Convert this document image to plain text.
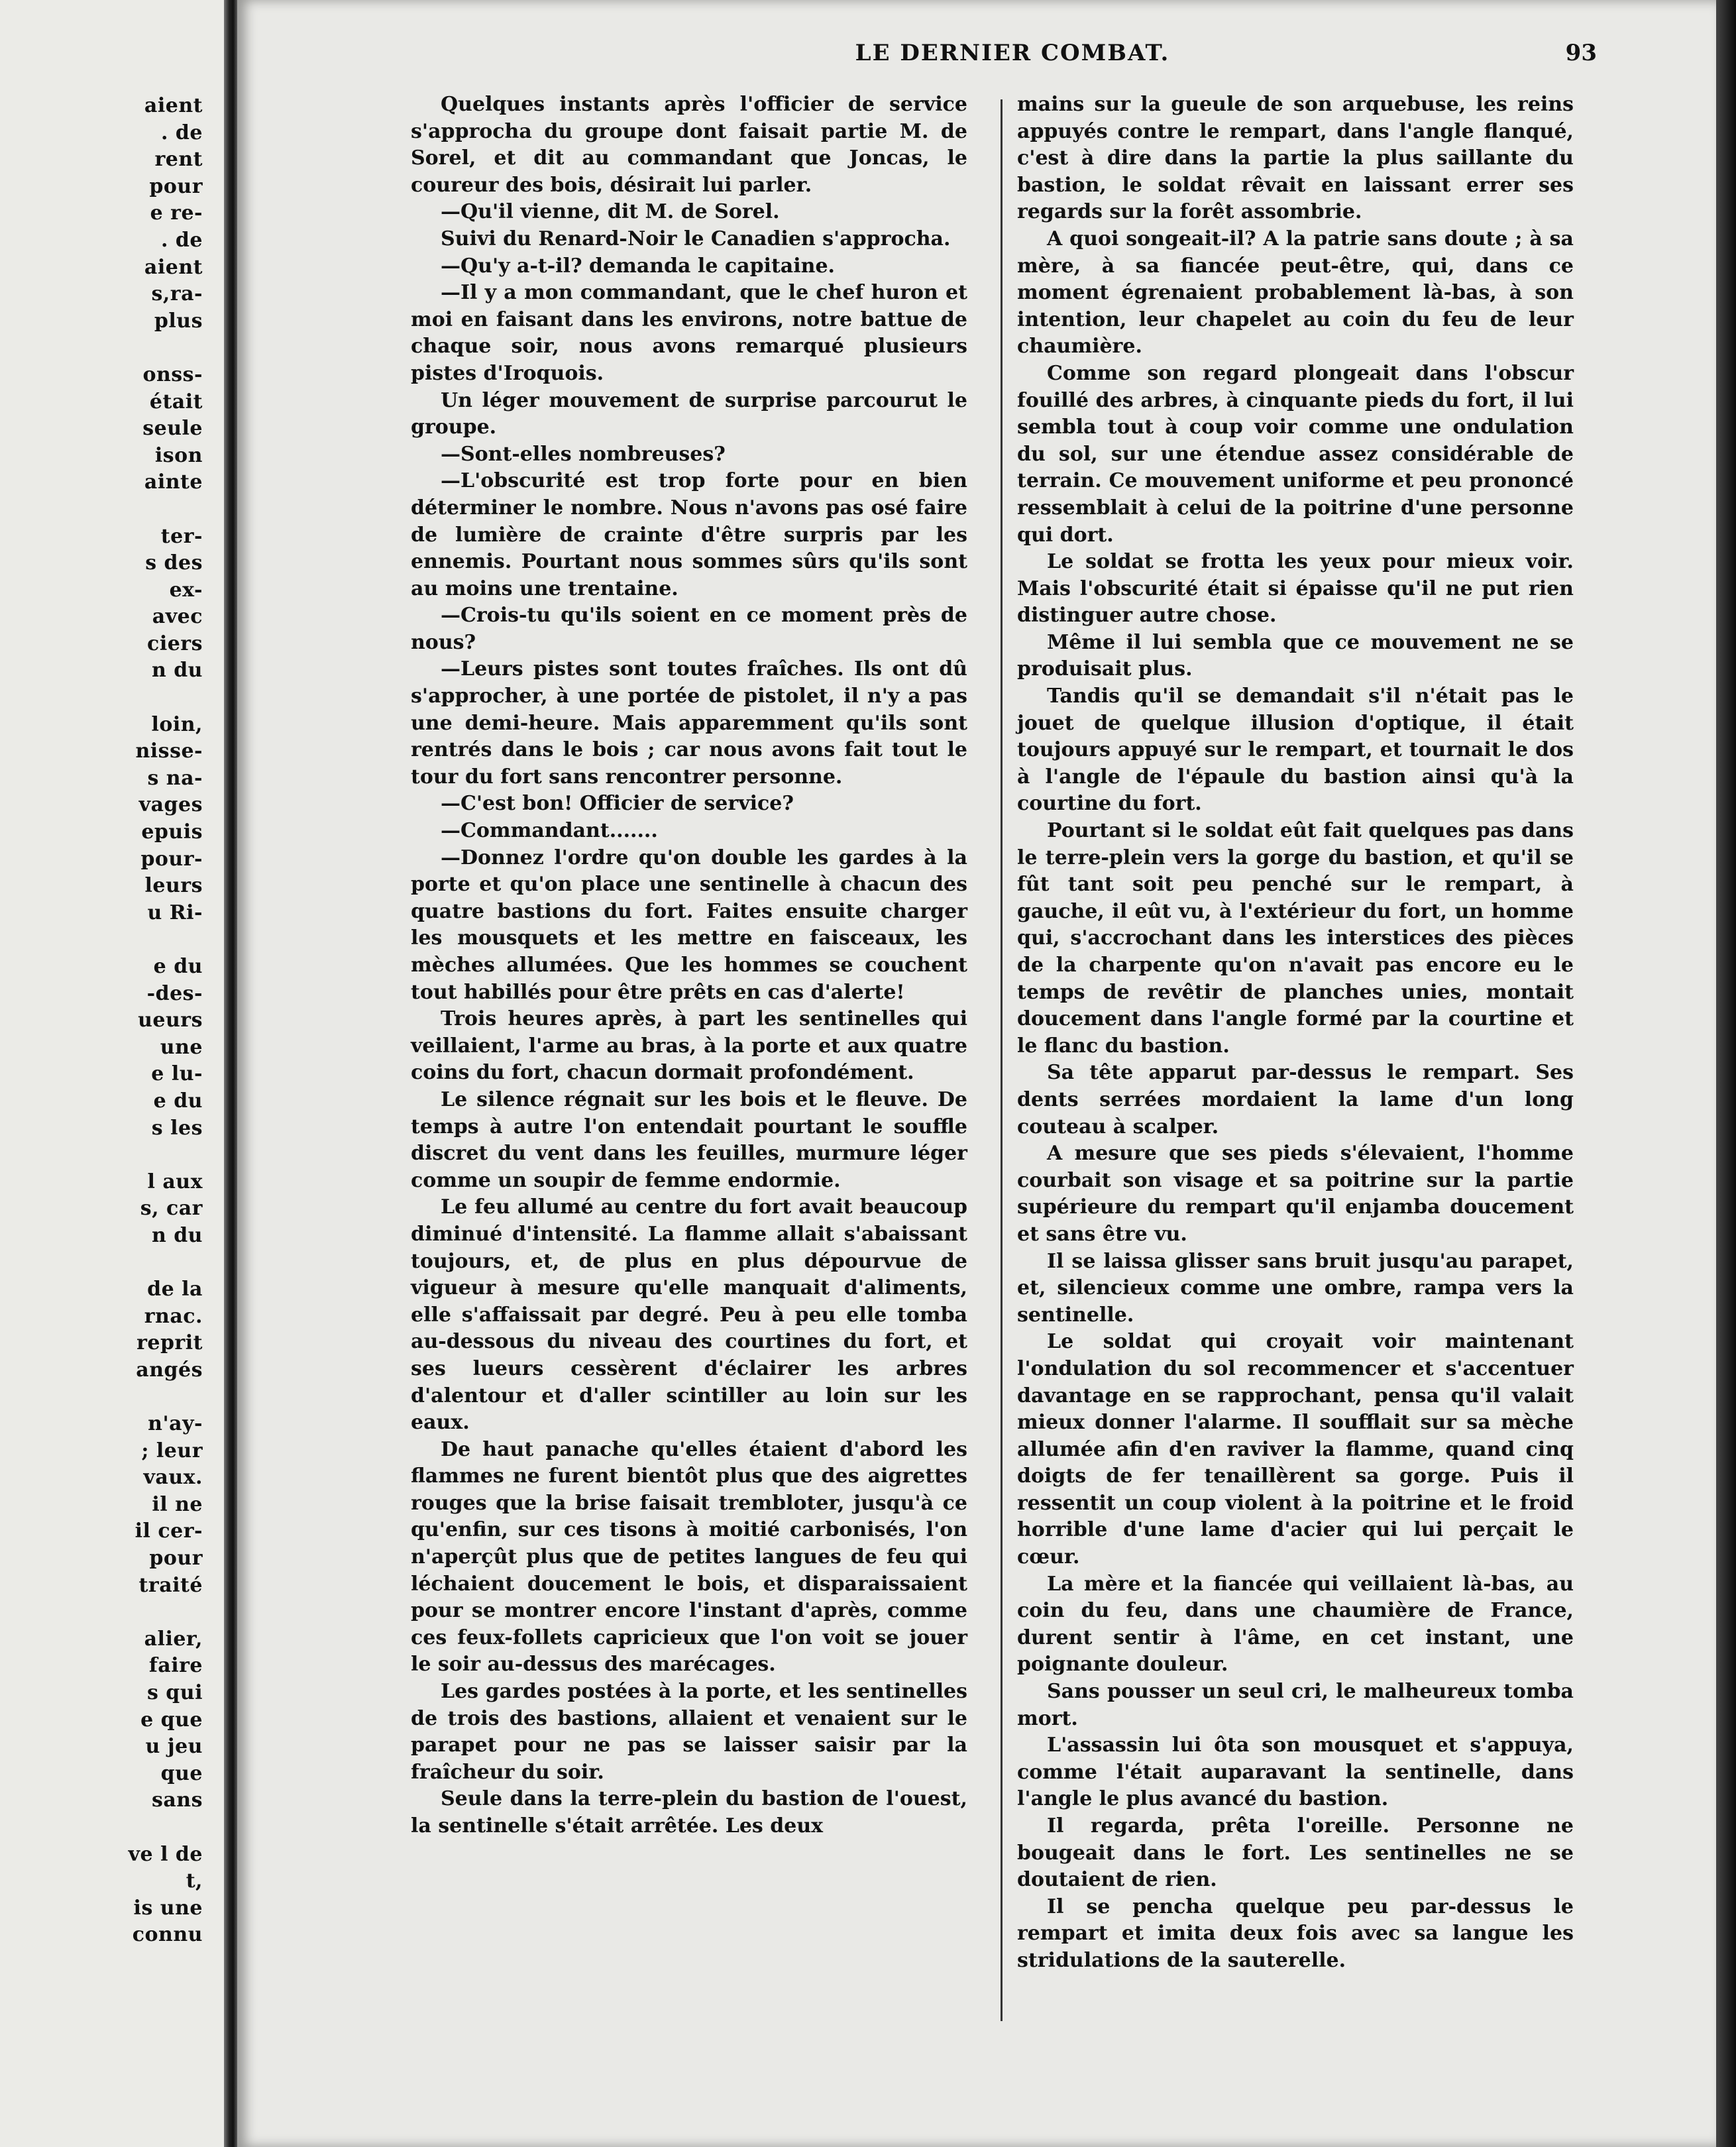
aient
. de
rent
pour
e re-
. de
aient
s,ra-
plus

onss-
était
seule
ison
ainte

ter-
s des
ex-
avec
ciers
n du

loin,
nisse-
s na-
vages
epuis
pour-
leurs
u Ri-

e du
-des-
ueurs
une
e lu-
e du
s les

l aux
s, car
n du

de la
rnac.
reprit
angés

n'ay-
; leur
vaux.
il ne
il cer-
pour
traité

alier,
faire
s qui
e que
u jeu
que
sans

ve l de
t,
is une
connu
LE DERNIER COMBAT.	93

Quelques instants après l'officier de service s'approcha du groupe dont faisait partie M. de Sorel, et dit au commandant que Joncas, le coureur des bois, désirait lui parler.

—Qu'il vienne, dit M. de Sorel.

Suivi du Renard-Noir le Canadien s'approcha.

—Qu'y a-t-il? demanda le capitaine.

—Il y a mon commandant, que le chef huron et moi en faisant dans les environs, notre battue de chaque soir, nous avons remarqué plusieurs pistes d'Iroquois.

Un léger mouvement de surprise parcourut le groupe.

—Sont-elles nombreuses?

—L'obscurité est trop forte pour en bien déterminer le nombre. Nous n'avons pas osé faire de lumière de crainte d'être surpris par les ennemis. Pourtant nous sommes sûrs qu'ils sont au moins une trentaine.

—Crois-tu qu'ils soient en ce moment près de nous?

—Leurs pistes sont toutes fraîches. Ils ont dû s'approcher, à une portée de pistolet, il n'y a pas une demi-heure. Mais apparemment qu'ils sont rentrés dans le bois ; car nous avons fait tout le tour du fort sans rencontrer personne.

—C'est bon! Officier de service?

—Commandant.......

—Donnez l'ordre qu'on double les gardes à la porte et qu'on place une sentinelle à chacun des quatre bastions du fort. Faites ensuite charger les mousquets et les mettre en faisceaux, les mèches allumées. Que les hommes se couchent tout habillés pour être prêts en cas d'alerte!

Trois heures après, à part les sentinelles qui veillaient, l'arme au bras, à la porte et aux quatre coins du fort, chacun dormait profondément.

Le silence régnait sur les bois et le fleuve. De temps à autre l'on entendait pourtant le souffle discret du vent dans les feuilles, murmure léger comme un soupir de femme endormie.

Le feu allumé au centre du fort avait beaucoup diminué d'intensité. La flamme allait s'abaissant toujours, et, de plus en plus dépourvue de vigueur à mesure qu'elle manquait d'aliments, elle s'affaissait par degré. Peu à peu elle tomba au-dessous du niveau des courtines du fort, et ses lueurs cessèrent d'éclairer les arbres d'alentour et d'aller scintiller au loin sur les eaux.

De haut panache qu'elles étaient d'abord les flammes ne furent bientôt plus que des aigrettes rouges que la brise faisait trembloter, jusqu'à ce qu'enfin, sur ces tisons à moitié carbonisés, l'on n'aperçût plus que de petites langues de feu qui léchaient doucement le bois, et disparaissaient pour se montrer encore l'instant d'après, comme ces feux-follets capricieux que l'on voit se jouer le soir au-dessus des marécages.

Les gardes postées à la porte, et les sentinelles de trois des bastions, allaient et venaient sur le parapet pour ne pas se laisser saisir par la fraîcheur du soir.

Seule dans la terre-plein du bastion de l'ouest, la sentinelle s'était arrêtée. Les deux

mains sur la gueule de son arquebuse, les reins appuyés contre le rempart, dans l'angle flanqué, c'est à dire dans la partie la plus saillante du bastion, le soldat rêvait en laissant errer ses regards sur la forêt assombrie.

A quoi songeait-il? A la patrie sans doute ; à sa mère, à sa fiancée peut-être, qui, dans ce moment égrenaient probablement là-bas, à son intention, leur chapelet au coin du feu de leur chaumière.

Comme son regard plongeait dans l'obscur fouillé des arbres, à cinquante pieds du fort, il lui sembla tout à coup voir comme une ondulation du sol, sur une étendue assez considérable de terrain. Ce mouvement uniforme et peu prononcé ressemblait à celui de la poitrine d'une personne qui dort.

Le soldat se frotta les yeux pour mieux voir. Mais l'obscurité était si épaisse qu'il ne put rien distinguer autre chose.

Même il lui sembla que ce mouvement ne se produisait plus.

Tandis qu'il se demandait s'il n'était pas le jouet de quelque illusion d'optique, il était toujours appuyé sur le rempart, et tournait le dos à l'angle de l'épaule du bastion ainsi qu'à la courtine du fort.

Pourtant si le soldat eût fait quelques pas dans le terre-plein vers la gorge du bastion, et qu'il se fût tant soit peu penché sur le rempart, à gauche, il eût vu, à l'extérieur du fort, un homme qui, s'accrochant dans les interstices des pièces de la charpente qu'on n'avait pas encore eu le temps de revêtir de planches unies, montait doucement dans l'angle formé par la courtine et le flanc du bastion.

Sa tête apparut par-dessus le rempart. Ses dents serrées mordaient la lame d'un long couteau à scalper.

A mesure que ses pieds s'élevaient, l'homme courbait son visage et sa poitrine sur la partie supérieure du rempart qu'il enjamba doucement et sans être vu.

Il se laissa glisser sans bruit jusqu'au parapet, et, silencieux comme une ombre, rampa vers la sentinelle.

Le soldat qui croyait voir maintenant l'ondulation du sol recommencer et s'accentuer davantage en se rapprochant, pensa qu'il valait mieux donner l'alarme. Il soufflait sur sa mèche allumée afin d'en raviver la flamme, quand cinq doigts de fer tenaillèrent sa gorge. Puis il ressentit un coup violent à la poitrine et le froid horrible d'une lame d'acier qui lui perçait le cœur.

La mère et la fiancée qui veillaient là-bas, au coin du feu, dans une chaumière de France, durent sentir à l'âme, en cet instant, une poignante douleur.

Sans pousser un seul cri, le malheureux tomba mort.

L'assassin lui ôta son mousquet et s'appuya, comme l'était auparavant la sentinelle, dans l'angle le plus avancé du bastion.

Il regarda, prêta l'oreille. Personne ne bougeait dans le fort. Les sentinelles ne se doutaient de rien.

Il se pencha quelque peu par-dessus le rempart et imita deux fois avec sa langue les stridulations de la sauterelle.
